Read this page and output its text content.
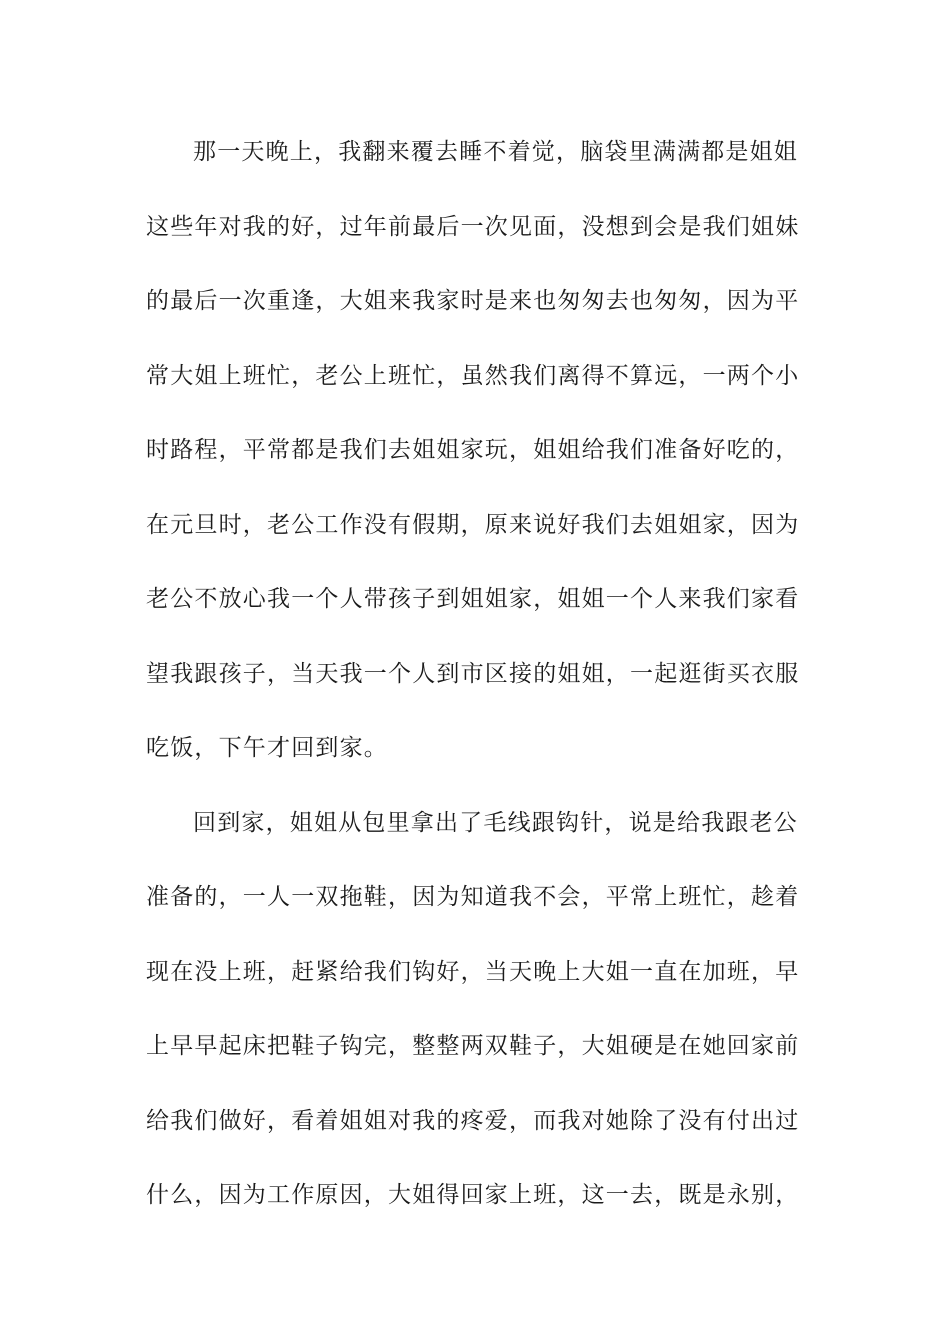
那一天晚上，我翻来覆去睡不着觉，脑袋里满满都是姐姐
这些年对我的好，过年前最后一次见面，没想到会是我们姐妹
的最后一次重逢，大姐来我家时是来也匆匆去也匆匆，因为平
常大姐上班忙，老公上班忙，虽然我们离得不算远，一两个小
时路程，平常都是我们去姐姐家玩，姐姐给我们准备好吃的，
在元旦时，老公工作没有假期，原来说好我们去姐姐家，因为
老公不放心我一个人带孩子到姐姐家，姐姐一个人来我们家看
望我跟孩子，当天我一个人到市区接的姐姐，一起逛街买衣服
吃饭，下午才回到家。
回到家，姐姐从包里拿出了毛线跟钩针，说是给我跟老公
准备的，一人一双拖鞋，因为知道我不会，平常上班忙，趁着
现在没上班，赶紧给我们钩好，当天晚上大姐一直在加班，早
上早早起床把鞋子钩完，整整两双鞋子，大姐硬是在她回家前
给我们做好，看着姐姐对我的疼爱，而我对她除了没有付出过
什么，因为工作原因，大姐得回家上班，这一去，既是永别，
